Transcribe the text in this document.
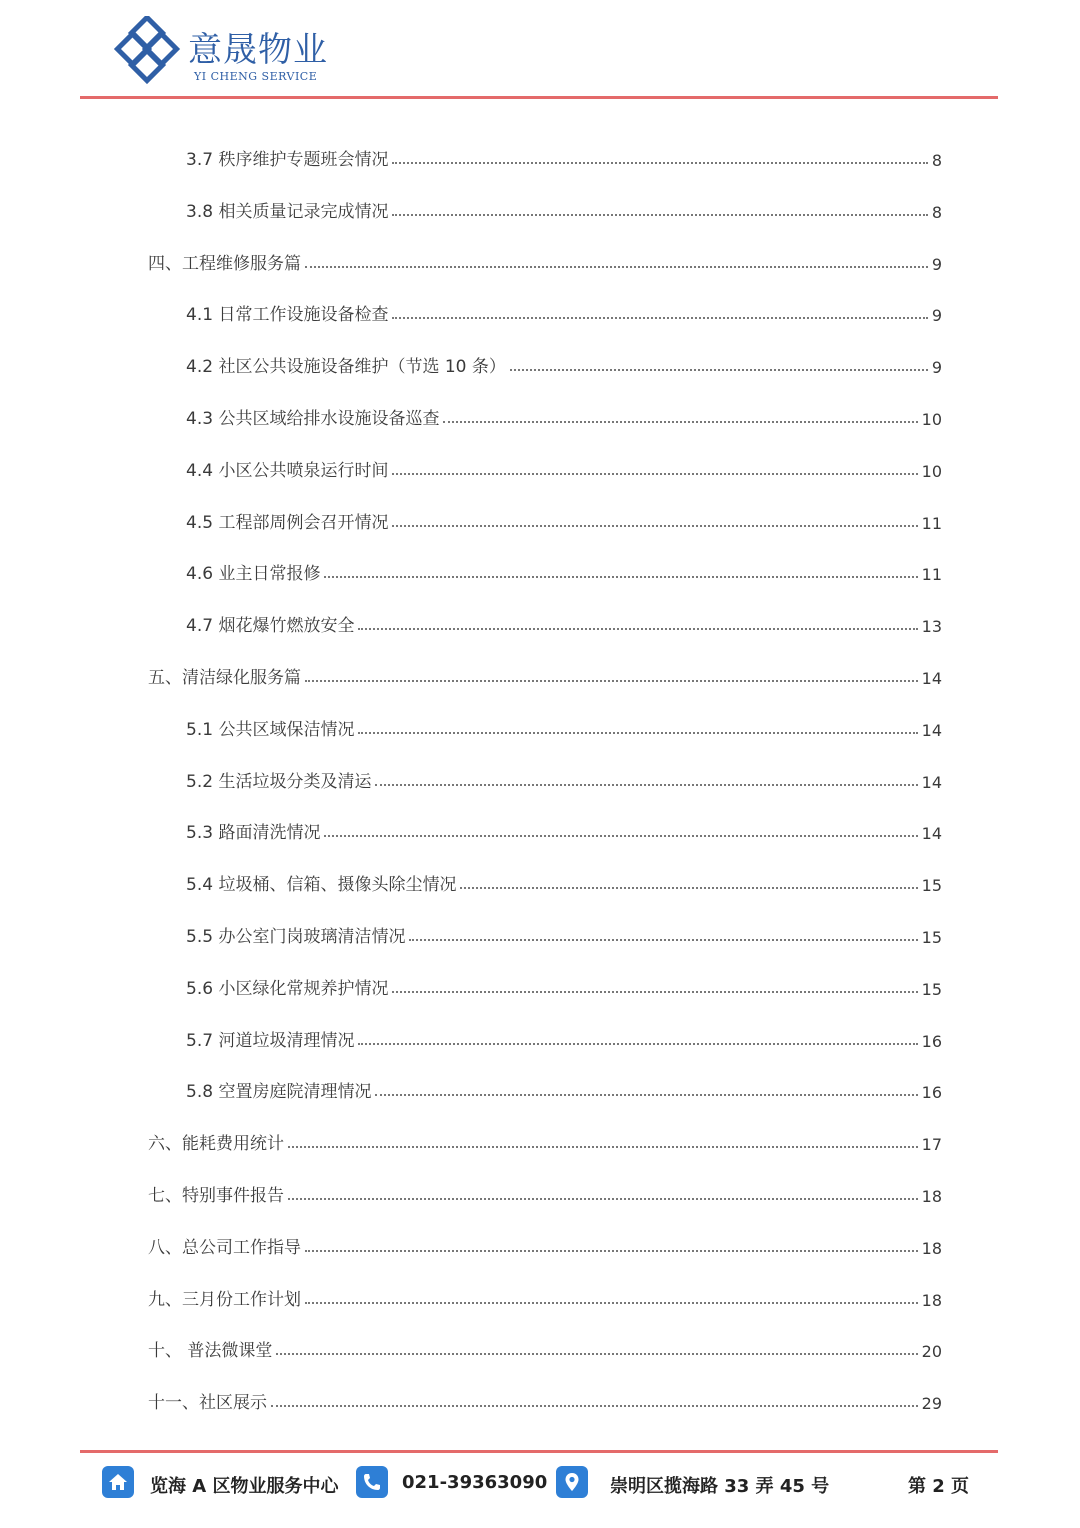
意晟物业
YI CHENG SERVICE
3.7 秩序维护专题班会情况	8
3.8 相关质量记录完成情况	8
四、工程维修服务篇	9
4.1 日常工作设施设备检查	9
4.2 社区公共设施设备维护（节选 10 条）	9
4.3 公共区域给排水设施设备巡查	10
4.4 小区公共喷泉运行时间	10
4.5 工程部周例会召开情况	11
4.6 业主日常报修	11
4.7 烟花爆竹燃放安全	13
五、清洁绿化服务篇	14
5.1 公共区域保洁情况	14
5.2 生活垃圾分类及清运	14
5.3 路面清洗情况	14
5.4 垃圾桶、信箱、摄像头除尘情况	15
5.5 办公室门岗玻璃清洁情况	15
5.6 小区绿化常规养护情况	15
5.7 河道垃圾清理情况	16
5.8 空置房庭院清理情况	16
六、能耗费用统计	17
七、特别事件报告	18
八、总公司工作指导	18
九、三月份工作计划	18
十、 普法微课堂	20
十一、社区展示	29
览海 A 区物业服务中心	021-39363090	崇明区揽海路 33 弄 45 号	第 2 页
